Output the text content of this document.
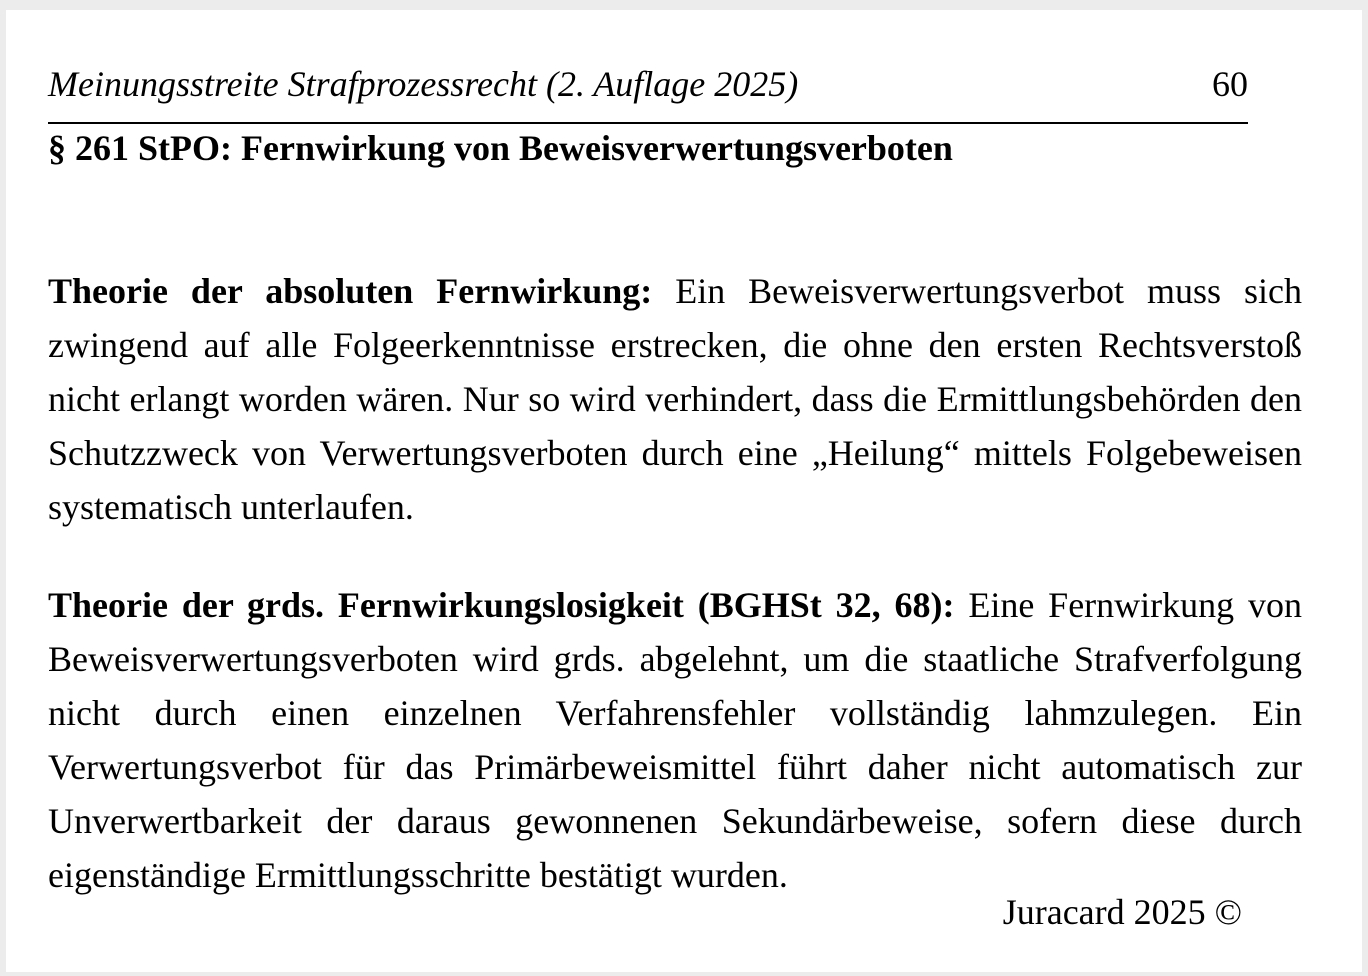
Meinungsstreite Strafprozessrecht (2. Auflage 2025)	60
§ 261 StPO: Fernwirkung von Beweisverwertungsverboten

Theorie der absoluten Fernwirkung: Ein Beweisverwertungsverbot muss sich zwingend auf alle Folgeerkenntnisse erstrecken, die ohne den ersten Rechtsverstoß nicht erlangt worden wären. Nur so wird verhindert, dass die Ermittlungsbehörden den Schutzzweck von Verwertungsverboten durch eine „Heilung“ mittels Folgebeweisen systematisch unterlaufen.

Theorie der grds. Fernwirkungslosigkeit (BGHSt 32, 68): Eine Fernwirkung von Beweisverwertungsverboten wird grds. abgelehnt, um die staatliche Strafverfolgung nicht durch einen einzelnen Verfahrensfehler vollständig lahmzulegen. Ein Verwertungsverbot für das Primärbeweismittel führt daher nicht automatisch zur Unverwertbarkeit der daraus gewonnenen Sekundärbeweise, sofern diese durch eigenständige Ermittlungsschritte bestätigt wurden.

Juracard 2025 ©
